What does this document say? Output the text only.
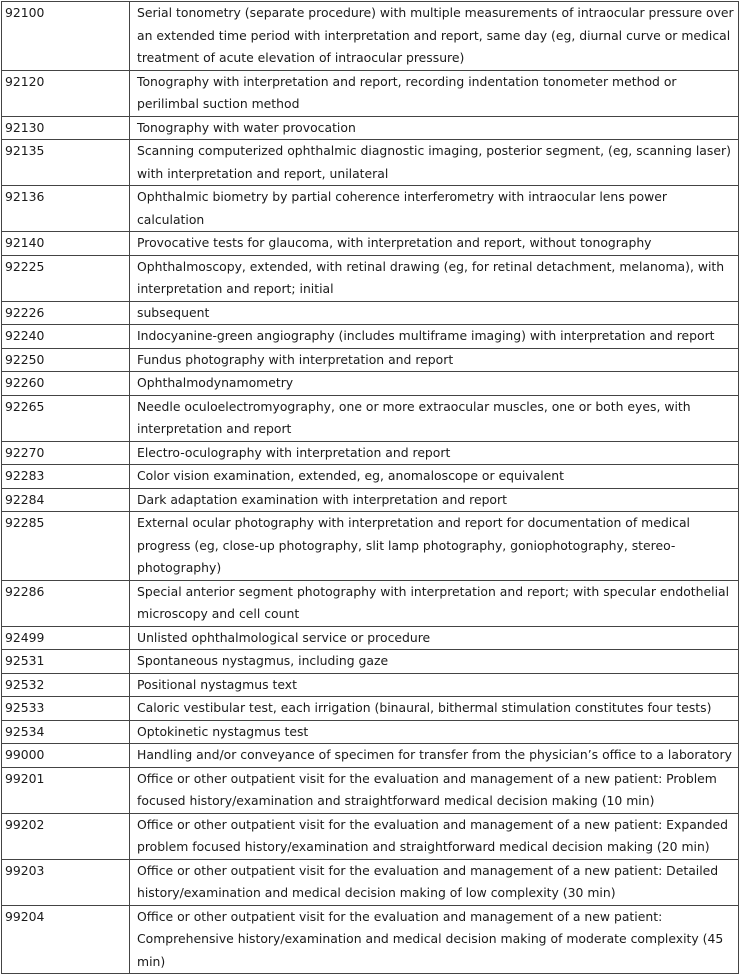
92100	Serial tonometry (separate procedure) with multiple measurements of intraocular pressure over an extended time period with interpretation and report, same day (eg, diurnal curve or medical treatment of acute elevation of intraocular pressure)
92120	Tonography with interpretation and report, recording indentation tonometer method or perilimbal suction method
92130	Tonography with water provocation
92135	Scanning computerized ophthalmic diagnostic imaging, posterior segment, (eg, scanning laser) with interpretation and report, unilateral
92136	Ophthalmic biometry by partial coherence interferometry with intraocular lens power calculation
92140	Provocative tests for glaucoma, with interpretation and report, without tonography
92225	Ophthalmoscopy, extended, with retinal drawing (eg, for retinal detachment, melanoma), with interpretation and report; initial
92226	subsequent
92240	Indocyanine-green angiography (includes multiframe imaging) with interpretation and report
92250	Fundus photography with interpretation and report
92260	Ophthalmodynamometry
92265	Needle oculoelectromyography, one or more extraocular muscles, one or both eyes, with interpretation and report
92270	Electro-oculography with interpretation and report
92283	Color vision examination, extended, eg, anomaloscope or equivalent
92284	Dark adaptation examination with interpretation and report
92285	External ocular photography with interpretation and report for documentation of medical progress (eg, close-up photography, slit lamp photography, goniophotography, stereo-photography)
92286	Special anterior segment photography with interpretation and report; with specular endothelial microscopy and cell count
92499	Unlisted ophthalmological service or procedure
92531	Spontaneous nystagmus, including gaze
92532	Positional nystagmus text
92533	Caloric vestibular test, each irrigation (binaural, bithermal stimulation constitutes four tests)
92534	Optokinetic nystagmus test
99000	Handling and/or conveyance of specimen for transfer from the physician’s office to a laboratory
99201	Office or other outpatient visit for the evaluation and management of a new patient: Problem focused history/examination and straightforward medical decision making (10 min)
99202	Office or other outpatient visit for the evaluation and management of a new patient: Expanded problem focused history/examination and straightforward medical decision making (20 min)
99203	Office or other outpatient visit for the evaluation and management of a new patient: Detailed history/examination and medical decision making of low complexity (30 min)
99204	Office or other outpatient visit for the evaluation and management of a new patient: Comprehensive history/examination and medical decision making of moderate complexity (45 min)
